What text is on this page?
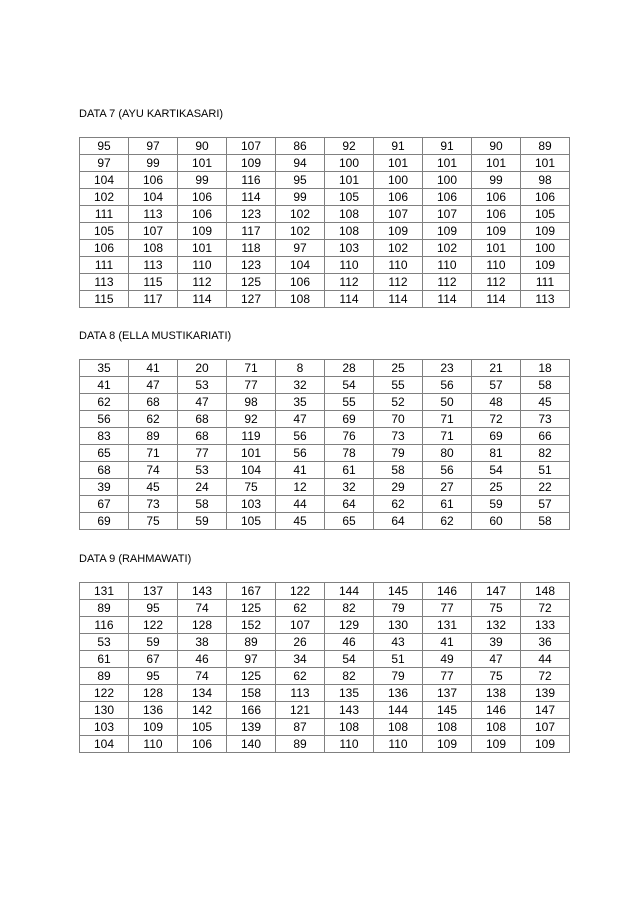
DATA 7 (AYU KARTIKASARI)
95	97	90	107	86	92	91	91	90	89
97	99	101	109	94	100	101	101	101	101
104	106	99	116	95	101	100	100	99	98
102	104	106	114	99	105	106	106	106	106
111	113	106	123	102	108	107	107	106	105
105	107	109	117	102	108	109	109	109	109
106	108	101	118	97	103	102	102	101	100
111	113	110	123	104	110	110	110	110	109
113	115	112	125	106	112	112	112	112	111
115	117	114	127	108	114	114	114	114	113
DATA 8 (ELLA MUSTIKARIATI)
35	41	20	71	8	28	25	23	21	18
41	47	53	77	32	54	55	56	57	58
62	68	47	98	35	55	52	50	48	45
56	62	68	92	47	69	70	71	72	73
83	89	68	119	56	76	73	71	69	66
65	71	77	101	56	78	79	80	81	82
68	74	53	104	41	61	58	56	54	51
39	45	24	75	12	32	29	27	25	22
67	73	58	103	44	64	62	61	59	57
69	75	59	105	45	65	64	62	60	58
DATA 9 (RAHMAWATI)
131	137	143	167	122	144	145	146	147	148
89	95	74	125	62	82	79	77	75	72
116	122	128	152	107	129	130	131	132	133
53	59	38	89	26	46	43	41	39	36
61	67	46	97	34	54	51	49	47	44
89	95	74	125	62	82	79	77	75	72
122	128	134	158	113	135	136	137	138	139
130	136	142	166	121	143	144	145	146	147
103	109	105	139	87	108	108	108	108	107
104	110	106	140	89	110	110	109	109	109
